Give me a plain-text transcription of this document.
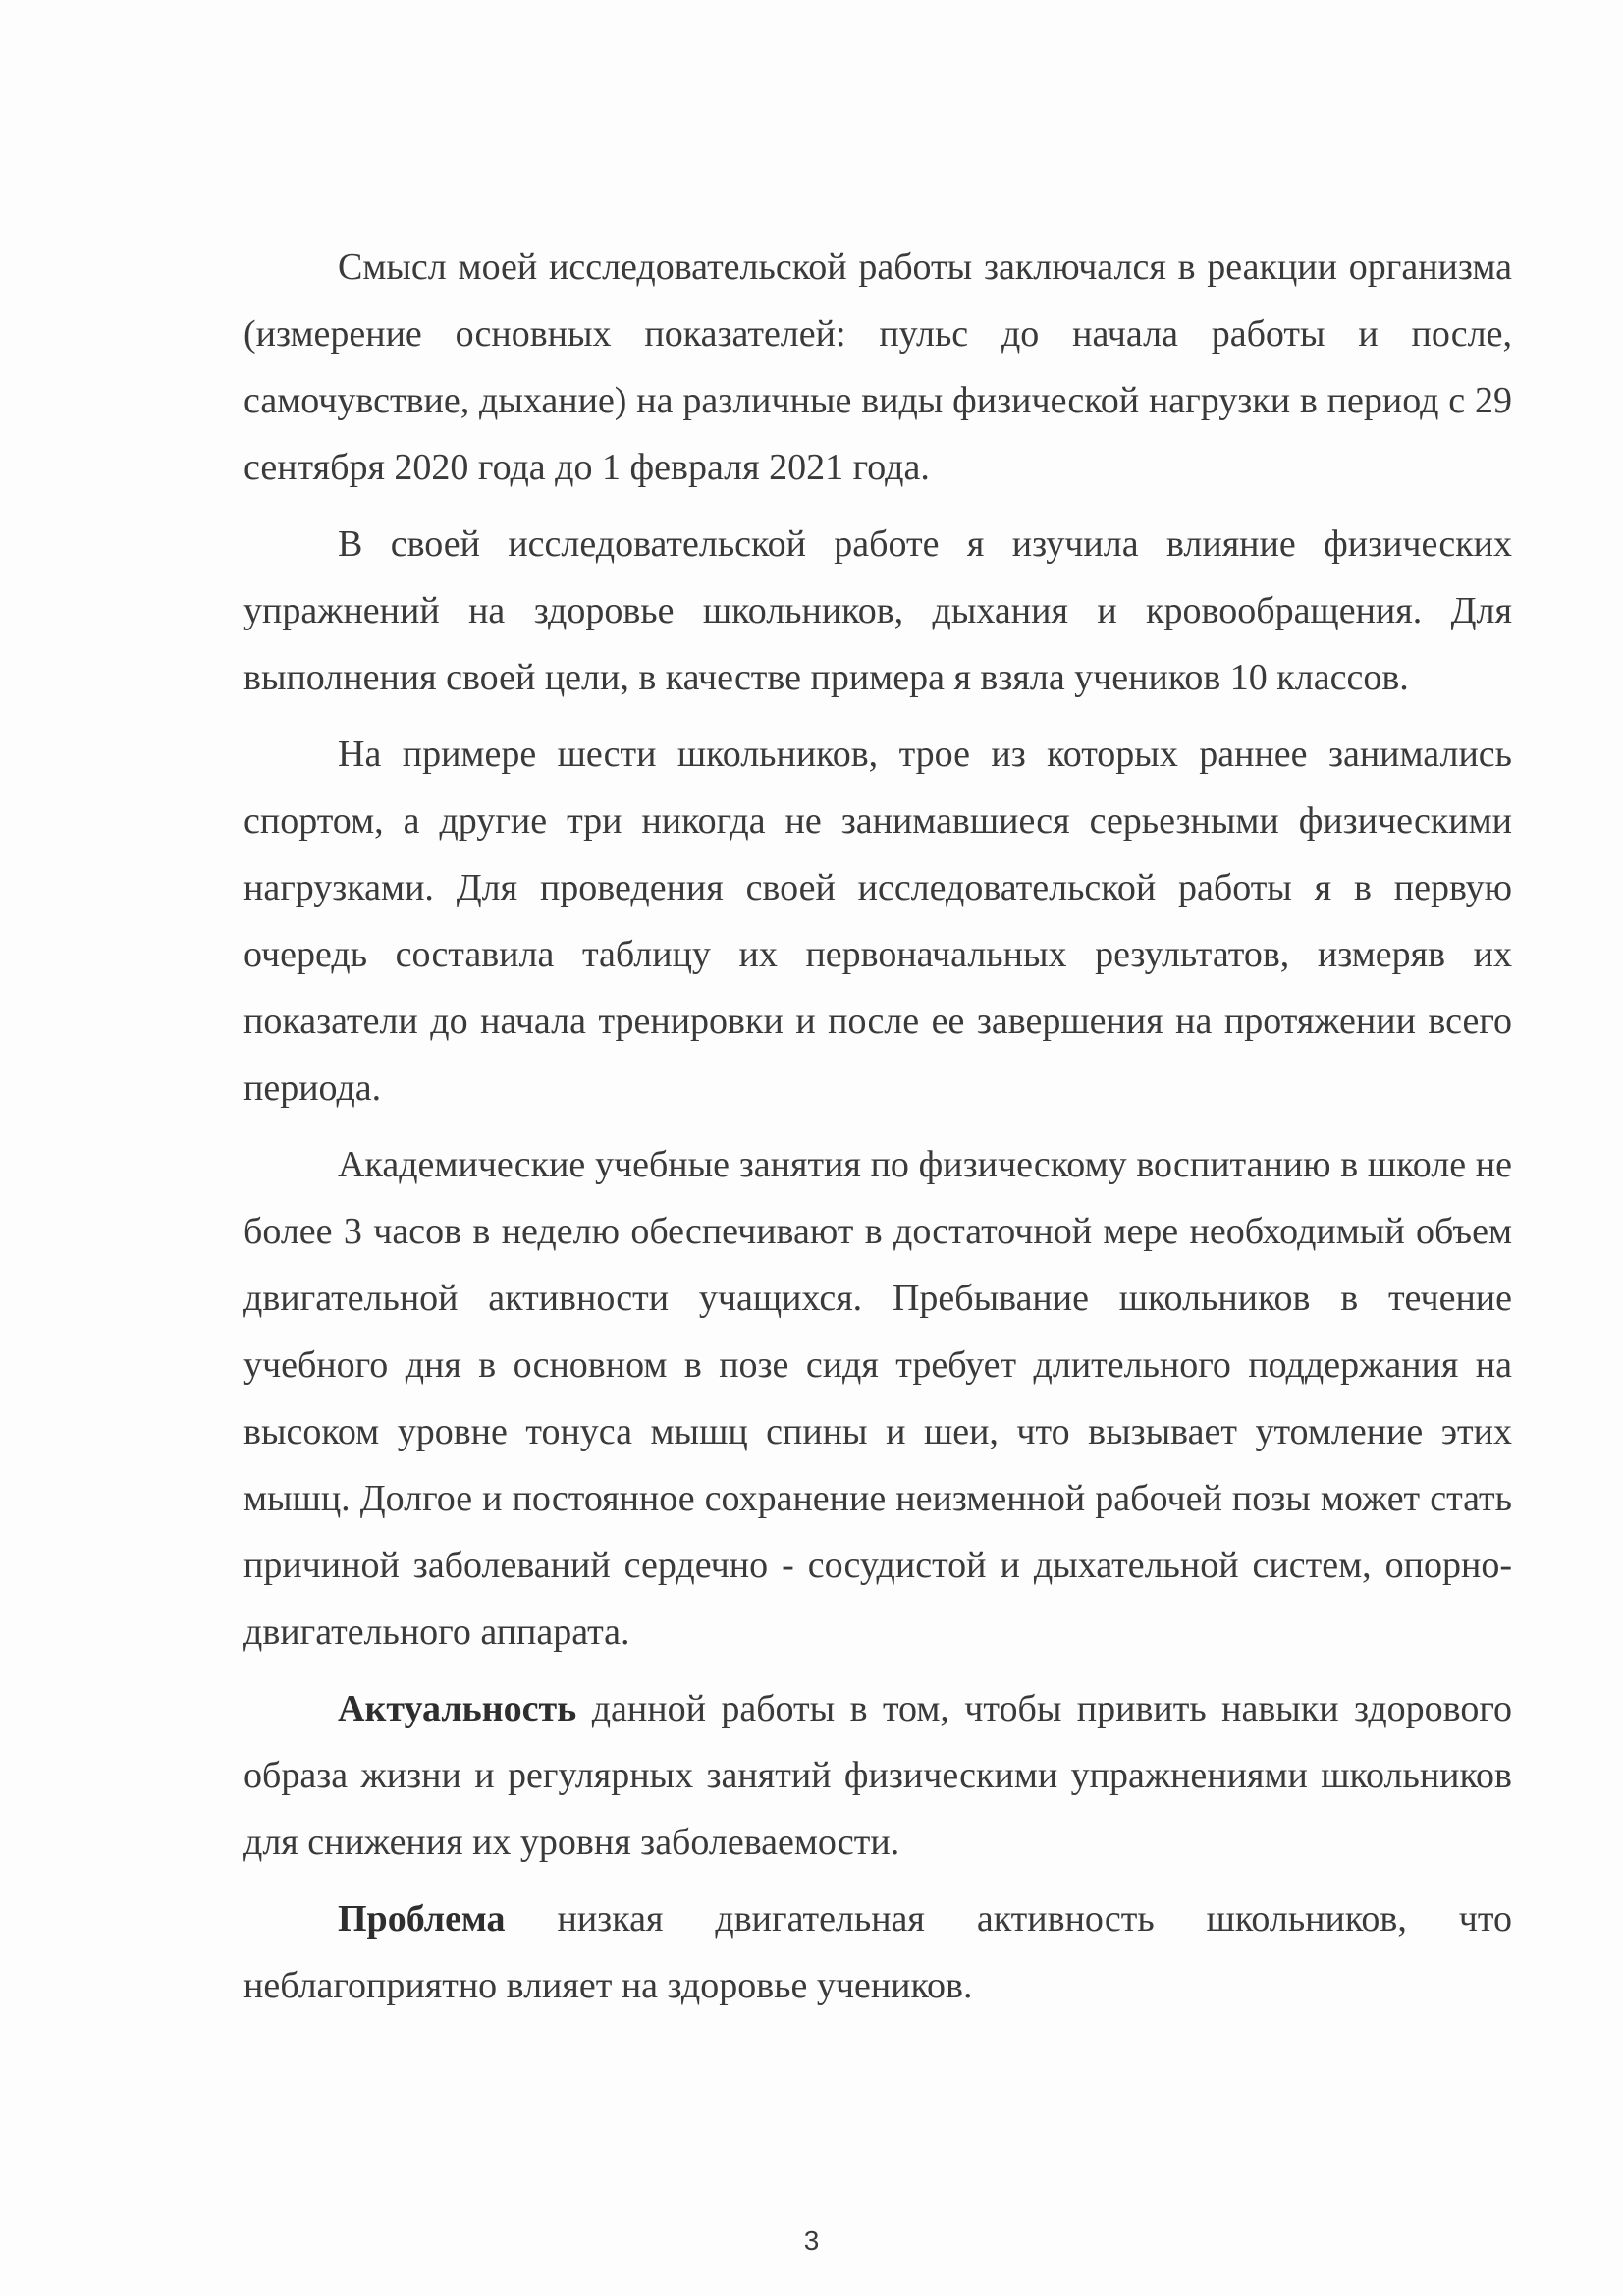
Смысл моей исследовательской работы заключался в реакции организма (измерение основных показателей: пульс до начала работы и после, самочувствие, дыхание) на различные виды физической нагрузки в период с 29 сентября 2020 года до 1 февраля 2021 года.

В своей исследовательской работе я изучила влияние физических упражнений на здоровье школьников, дыхания и кровообращения. Для выполнения своей цели, в качестве примера я взяла учеников 10 классов.

На примере шести школьников, трое из которых раннее занимались спортом, а другие три никогда не занимавшиеся серьезными физическими нагрузками. Для проведения своей исследовательской работы я в первую очередь составила таблицу их первоначальных результатов, измеряв их показатели до начала тренировки и после ее завершения на протяжении всего периода.

Академические учебные занятия по физическому воспитанию в школе не более 3 часов в неделю обеспечивают в достаточной мере необходимый объем двигательной активности учащихся. Пребывание школьников в течение учебного дня в основном в позе сидя требует длительного поддержания на высоком уровне тонуса мышц спины и шеи, что вызывает утомление этих мышц. Долгое и постоянное сохранение неизменной рабочей позы может стать причиной заболеваний сердечно - сосудистой и дыхательной систем, опорно-двигательного аппарата.

Актуальность данной работы в том, чтобы привить навыки здорового образа жизни и регулярных занятий физическими упражнениями школьников для снижения их уровня заболеваемости.

Проблема низкая двигательная активность школьников, что неблагоприятно влияет на здоровье учеников.

3
